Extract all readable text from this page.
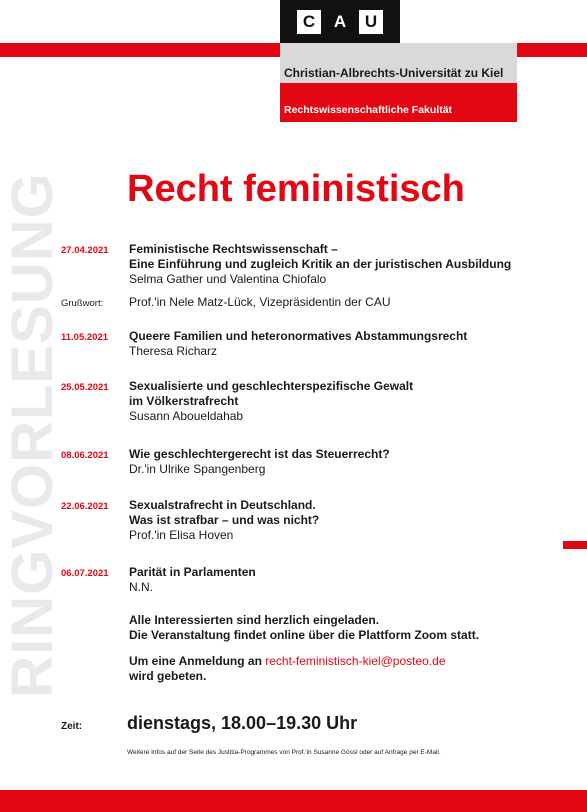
C	A	U
Christian-Albrechts-Universität zu Kiel
Rechtswissenschaftliche Fakultät
RINGVORLESUNG Recht feministisch
27.04.2021 Feministische Rechtswissenschaft –
Eine Einführung und zugleich Kritik an der juristischen Ausbildung
Selma Gather und Valentina Chiofalo
Grußwort: Prof.'in Nele Matz-Lück, Vizepräsidentin der CAU
11.05.2021 Queere Familien und heteronormatives Abstammungsrecht
Theresa Richarz
25.05.2021 Sexualisierte und geschlechterspezifische Gewalt
im Völkerstrafrecht
Susann Aboueldahab
08.06.2021 Wie geschlechtergerecht ist das Steuerrecht?
Dr.'in Ulrike Spangenberg
22.06.2021 Sexualstrafrecht in Deutschland.
Was ist strafbar – und was nicht?
Prof.'in Elisa Hoven
06.07.2021 Parität in Parlamenten
N.N.
Alle Interessierten sind herzlich eingeladen.
Die Veranstaltung findet online über die Plattform Zoom statt.
Um eine Anmeldung an recht-feministisch-kiel@posteo.de
wird gebeten.
Zeit: dienstags, 18.00–19.30 Uhr
Weitere Infos auf der Seite des Justitia-Programmes von Prof.'in Susanne Gössl oder auf Anfrage per E-Mail.
